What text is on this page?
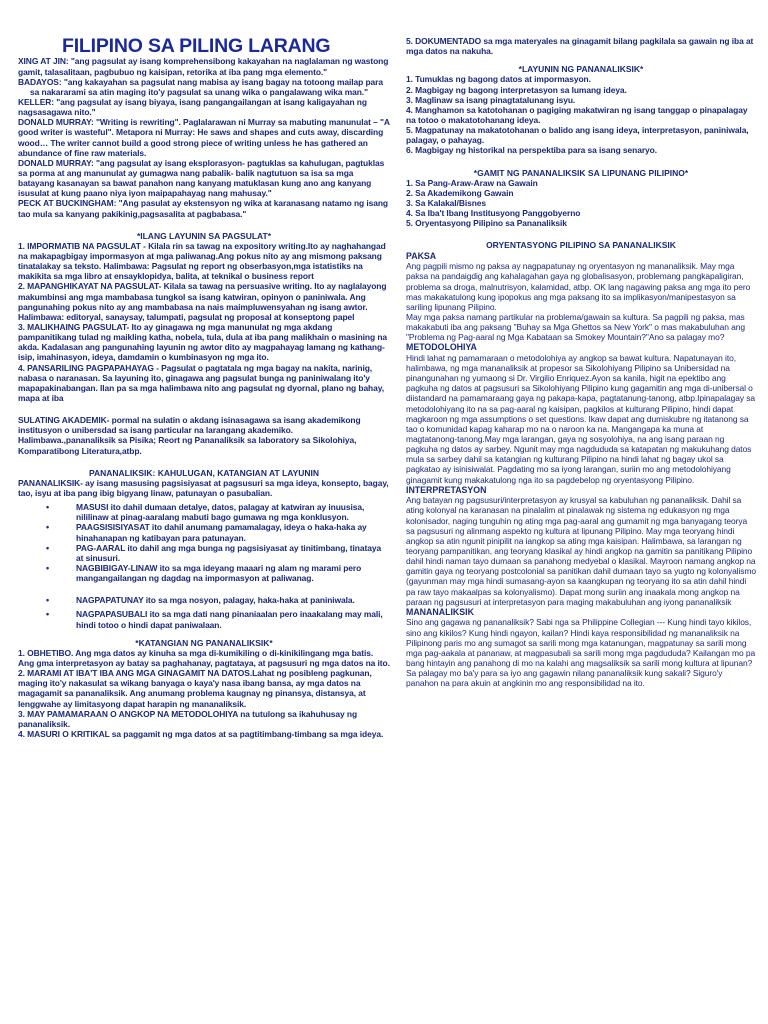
FILIPINO SA PILING LARANG

XING AT JIN: "ang pagsulat ay isang komprehensibong kakayahan na naglalaman ng wastong gamit, talasalitaan, pagbubuo ng kaisipan, retorika at iba pang mga elemento."

BADAYOS: "ang kakayahan sa pagsulat nang mabisa ay isang bagay na totoong mailap para sa nakararami sa atin maging ito'y pagsulat sa unang wika o pangalawang wika man."

KELLER: "ang pagsulat ay isang biyaya, isang pangangailangan at isang kaligayahan ng nagsasagawa nito."

DONALD MURRAY: "Writing is rewriting". Paglalarawan ni Murray sa mabuting manunulat – "A good writer is wasteful". Metapora ni Murray: He saws and shapes and cuts away, discarding wood… The writer cannot build a good strong piece of writing unless he has gathered an abundance of fine raw materials.

DONALD MURRAY: "ang pagsulat ay isang eksplorasyon- pagtuklas sa kahulugan, pagtuklas sa porma at ang manunulat ay gumagwa nang pabalik- balik nagtutuon sa isa sa mga batayang kasanayan sa bawat panahon nang kanyang matuklasan kung ano ang kanyang isusulat at kung paano niya iyon maipapahayag nang mahusay."

PECK AT BUCKINGHAM: "Ang pasulat ay ekstensyon ng wika at karanasang natamo ng isang tao mula sa kanyang pakikinig,pagsasalita at pagbabasa."

*ILANG LAYUNIN SA PAGSULAT*

1. IMPORMATIB NA PAGSULAT - Kilala rin sa tawag na expository writing.Ito ay naghahangad na makapagbigay impormasyon at mga paliwanag.Ang pokus nito ay ang mismong paksang tinatalakay sa teksto. Halimbawa: Pagsulat ng report ng obserbasyon,mga istatistiks na makikita sa mga libro at ensayklopidya, balita, at teknikal o business report

2. MAPANGHIKAYAT NA PAGSULAT- Kilala sa tawag na persuasive writing. Ito ay naglalayong makumbinsi ang mga mambabasa tungkol sa isang katwiran, opinyon o paniniwala. Ang pangunahing pokus nito ay ang mambabasa na nais maimpluwensyahan ng isang awtor. Halimbawa: editoryal, sanaysay, talumpati, pagsulat ng proposal at konseptong papel

3. MALIKHAING PAGSULAT- Ito ay ginagawa ng mga manunulat ng mga akdang pampanitikang tulad ng maikling katha, nobela, tula, dula at iba pang malikhain o masining na akda. Kadalasan ang pangunahing layunin ng awtor dito ay magpahayag lamang ng kathang-isip, imahinasyon, ideya, damdamin o kumbinasyon ng mga ito.

4. PANSARILING PAGPAPAHAYAG - Pagsulat o pagtatala ng mga bagay na nakita, narinig, nabasa o naranasan. Sa layuning ito, ginagawa ang pagsulat bunga ng paniniwalang ito'y mapapakinabangan. Ilan pa sa mga halimbawa nito ang pagsulat ng dyornal, plano ng bahay, mapa at iba

SULATING AKADEMIK- pormal na sulatin o akdang isinasagawa sa isang akademikong institusyon o unibersdad sa isang particular na larangang akademiko.

Halimbawa.,pananaliksik sa Pisika; Reort ng Pananaliksik sa laboratory sa Sikolohiya, Komparatibong Literatura,atbp.

PANANALIKSIK: KAHULUGAN, KATANGIAN AT LAYUNIN

PANANALIKSIK- ay isang masusing pagsisiyasat at pagsusuri sa mga ideya, konsepto, bagay, tao, isyu at iba pang ibig bigyang linaw, patunayan o pasubalian.

• MASUSI ito dahil dumaan detalye, datos, palagay at katwiran ay inuusisa, nililinaw at pinag-aaralang mabuti bago gumawa ng mga konklusyon.
• PAAGSISISIYASAT ito dahil anumang pamamalagay, ideya o haka-haka ay hinahanapan ng katibayan para patunayan.
• PAG-AARAL ito dahil ang mga bunga ng pagsisiyasat ay tinitimbang, tinataya at sinusuri.
• NAGBIBIGAY-LINAW ito sa mga ideyang maaari ng alam ng marami pero mangangailangan ng dagdag na impormasyon at paliwanag.
• NAGPAPATUNAY ito sa mga nosyon, palagay, haka-haka at paniniwala.
• NAGPAPASUBALI ito sa mga dati nang pinaniaalan pero inaakalang may mali, hindi totoo o hindi dapat paniwalaan.

*KATANGIAN NG PANANALIKSIK*

1. OBHETIBO. Ang mga datos ay kinuha sa mga di-kumikiling o di-kinikilingang mga batis. Ang gma interpretasyon ay batay sa paghahanay, pagtataya, at pagsusuri ng mga datos na ito.

2. MARAMI AT IBA'T IBA ANG MGA GINAGAMIT NA DATOS.Lahat ng posibleng pagkunan, maging ito'y nakasulat sa wikang banyaga o kaya'y nasa ibang bansa, ay mga datos na magagamit sa pananaliksik. Ang anumang problema kaugnay ng pinansya, distansya, at lenggwahe ay limitasyong dapat harapin ng mananaliksik.

3. MAY PAMAMARAAN O ANGKOP NA METODOLOHIYA na tutulong sa ikahuhusay ng pananaliksik.

4. MASURI O KRITIKAL sa paggamit ng mga datos at sa pagtitimbang-timbang sa mga ideya.

5. DOKUMENTADO sa mga materyales na ginagamit bilang pagkilala sa gawain ng iba at mga datos na nakuha.

*LAYUNIN NG PANANALIKSIK*

1. Tumuklas ng bagong datos at impormasyon.

2. Magbigay ng bagong interpretasyon sa lumang ideya.

3. Maglinaw sa isang pinagtatalunang isyu.

4. Manghamon sa katotohanan o pagiging makatwiran ng isang tanggap o pinapalagay na totoo o makatotohanang ideya.

5. Magpatunay na makatotohanan o balido ang isang ideya, interpretasyon, paniniwala, palagay, o pahayag.

6. Magbigay ng historikal na perspektiba para sa isang senaryo.

*GAMIT NG PANANALIKSIK SA LIPUNANG PILIPINO*

1. Sa Pang-Araw-Araw na Gawain

2. Sa Akademikong Gawain

3. Sa Kalakal/Bisnes

4. Sa Iba't Ibang Institusyong Panggobyerno

5. Oryentasyong Pilipino sa Pananaliksik

ORYENTASYONG PILIPINO SA PANANALIKSIK

PAKSA

Ang pagpili mismo ng paksa ay nagpapatunay ng oryentasyon ng mananaliksik. May mga paksa na pandaigdig ang kahalagahan gaya ng globalisasyon, problemang pangkapaligiran, problema sa droga, malnutrisyon, kalamidad, atbp. OK lang nagawing paksa ang mga ito pero mas makakatulong kung ipopokus ang mga paksang ito sa implikasyon/manipestasyon sa sariling lipunang Pilipino.

May mga paksa namang partikular na problema/gawain sa kultura. Sa pagpili ng paksa, mas makakabuti iba ang paksang "Buhay sa Mga Ghettos sa New York" o mas makabuluhan ang "Problema ng Pag-aaral ng Mga Kabataan sa Smokey Mountain?"Ano sa palagay mo?

METODOLOHIYA

Hindi lahat ng pamamaraan o metodolohiya ay angkop sa bawat kultura. Napatunayan ito, halimbawa, ng mga mananaliksik at propesor sa Sikolohiyang Pilipino sa Unibersidad na pinangunahan ng yumaong si Dr. Virgilio Enriquez.Ayon sa kanila, higit na epektibo ang pagkuha ng datos at pagsusuri sa Sikolohiyang Pilipino kung gagamitin ang mga di-unibersal o diistandard na pamamaraang gaya ng pakapa-kapa, pagtatanung-tanong, atbp.Ipinapalagay sa metodolohiyang ito na sa pag-aaral ng kaisipan, pagkilos at kulturang Pilipino, hindi dapat magkaroon ng mga assumptions o set questions. Ikaw dapat ang dumiskubre ng itatanong sa tao o komunidad kapag kaharap mo na o naroon ka na. Mangangapa ka muna at magtatanong-tanong.May mga larangan, gaya ng sosyolohiya, na ang isang paraan ng pagkuha ng datos ay sarbey. Ngunit may mga nagdududa sa katapatan ng makukuhang datos mula sa sarbey dahil sa katangian ng kulturang Pilipino na hindi lahat ng bagay ukol sa pagkatao ay isinisiwalat. Pagdating mo sa iyong larangan, suriin mo ang metodolohiyang ginagamit kung makakatulong nga ito sa pagdebelop ng oryentasyong Pilipino.

INTERPRETASYON

Ang batayan ng pagsusuri/interpretasyon ay krusyal sa kabuluhan ng pananaliksik. Dahil sa ating kolonyal na karanasan na pinalalim at pinalawak ng sistema ng edukasyon ng mga kolonisador, naging tunguhin ng ating mga pag-aaral ang gumamit ng mga banyagang teorya sa pagsusuri ng alinmang aspekto ng kultura at lipunang Pilipino. May mga teoryang hindi angkop sa atin ngunit pinipilit na iangkop sa ating mga kaisipan. Halimbawa, sa larangan ng teoryang pampanitikan, ang teoryang klasikal ay hindi angkop na gamitin sa panitikang Pilipino dahil hindi naman tayo dumaan sa panahong medyebal o klasikal. Mayroon namang angkop na gamitin gaya ng teoryang postcolonial sa panitikan dahil dumaan tayo sa yugto ng kolonyalismo (gayunman may mga hindi sumasang-ayon sa kaangkupan ng teoryang ito sa atin dahil hindi pa raw tayo makaalpas sa kolonyalismo). Dapat mong suriin ang inaakala mong angkop na paraan ng pagsusuri at interpretasyon para maging makabuluhan ang iyong pananaliksik

MANANALIKSIK

Sino ang gagawa ng pananaliksik? Sabi nga sa Philippine Collegian --- Kung hindi tayo kikilos, sino ang kikilos? Kung hindi ngayon, kailan? Hindi kaya responsibilidad ng mananaliksik na Pilipinong paris mo ang sumagot sa sarili mong mga katanungan, magpatunay sa sarili mong mga pag-aakala at pananaw, at magpasubali sa sarili mong mga pagdududa? Kailangan mo pa bang hintayin ang panahong di mo na kalahi ang magsaliksik sa sarili mong kultura at lipunan? Sa palagay mo ba'y para sa iyo ang gagawin nilang pananaliksik kung sakali? Siguro'y panahon na para akuin at angkinin mo ang responsibilidad na ito.
